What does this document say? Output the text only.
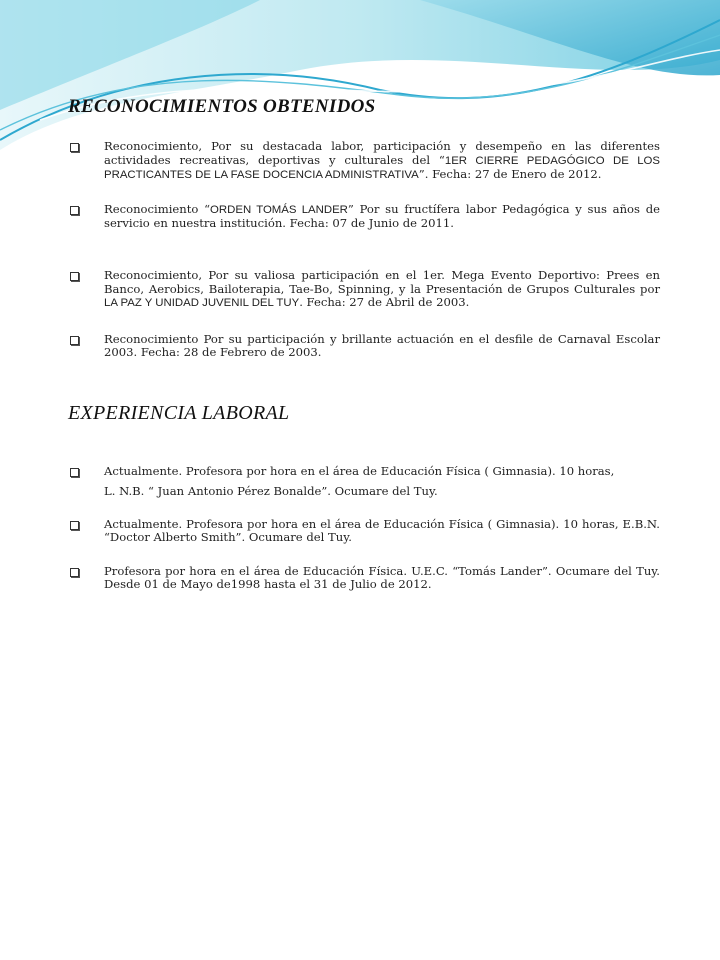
RECONOCIMIENTOS OBTENIDOS
Reconocimiento, Por su destacada labor, participación y desempeño en las diferentes actividades recreativas, deportivas y culturales del “1ER CIERRE PEDAGÓGICO DE LOS PRACTICANTES DE LA FASE DOCENCIA ADMINISTRATIVA”. Fecha: 27 de Enero de 2012.
Reconocimiento “ORDEN TOMÁS LANDER” Por su fructífera labor Pedagógica y sus años de servicio en nuestra institución. Fecha: 07 de Junio de 2011.
Reconocimiento, Por su valiosa participación en el 1er. Mega Evento Deportivo: Prees en Banco, Aerobics, Bailoterapia, Tae-Bo, Spinning, y la Presentación de Grupos Culturales por LA PAZ Y UNIDAD JUVENIL DEL TUY. Fecha: 27 de Abril de 2003.
Reconocimiento Por su participación y brillante actuación en el desfile de Carnaval Escolar 2003. Fecha: 28 de Febrero de 2003.
EXPERIENCIA LABORAL
Actualmente. Profesora por hora en el área de Educación Física ( Gimnasia). 10 horas,
L. N.B. “ Juan Antonio Pérez Bonalde”. Ocumare del Tuy.
Actualmente. Profesora por hora en el área de Educación Física ( Gimnasia). 10 horas, E.B.N. “Doctor Alberto Smith”. Ocumare del Tuy.
Profesora por hora en el área de Educación Física. U.E.C. “Tomás Lander”. Ocumare del Tuy. Desde 01 de Mayo de1998 hasta el 31 de Julio de 2012.
